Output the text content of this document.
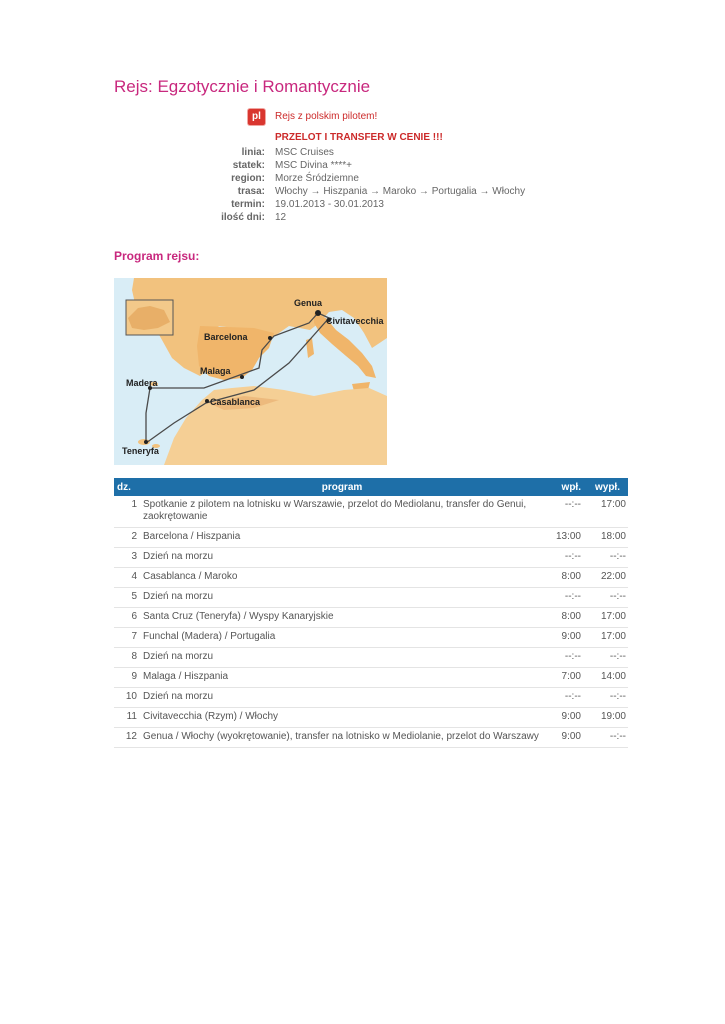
Rejs: Egzotycznie i Romantycznie
pl	Rejs z polskim pilotem!
PRZELOT I TRANSFER W CENIE !!!
linia: MSC Cruises
statek: MSC Divina ****+
region: Morze Śródziemne
trasa: Włochy → Hiszpania → Maroko → Portugalia → Włochy
termin: 19.01.2013 - 30.01.2013
ilość dni: 12
Program rejsu:
Genua
Civitavecchia
Barcelona
Malaga
Madera
Casablanca
Teneryfa
dz.	program	wpł.	wypł.
1	Spotkanie z pilotem na lotnisku w Warszawie, przelot do Mediolanu, transfer do Genui, zaokrętowanie	--:--	17:00
2	Barcelona / Hiszpania	13:00	18:00
3	Dzień na morzu	--:--	--:--
4	Casablanca / Maroko	8:00	22:00
5	Dzień na morzu	--:--	--:--
6	Santa Cruz (Teneryfa) / Wyspy Kanaryjskie	8:00	17:00
7	Funchal (Madera) / Portugalia	9:00	17:00
8	Dzień na morzu	--:--	--:--
9	Malaga / Hiszpania	7:00	14:00
10	Dzień na morzu	--:--	--:--
11	Civitavecchia (Rzym) / Włochy	9:00	19:00
12	Genua / Włochy (wyokrętowanie), transfer na lotnisko w Mediolanie, przelot do Warszawy	9:00	--:--
